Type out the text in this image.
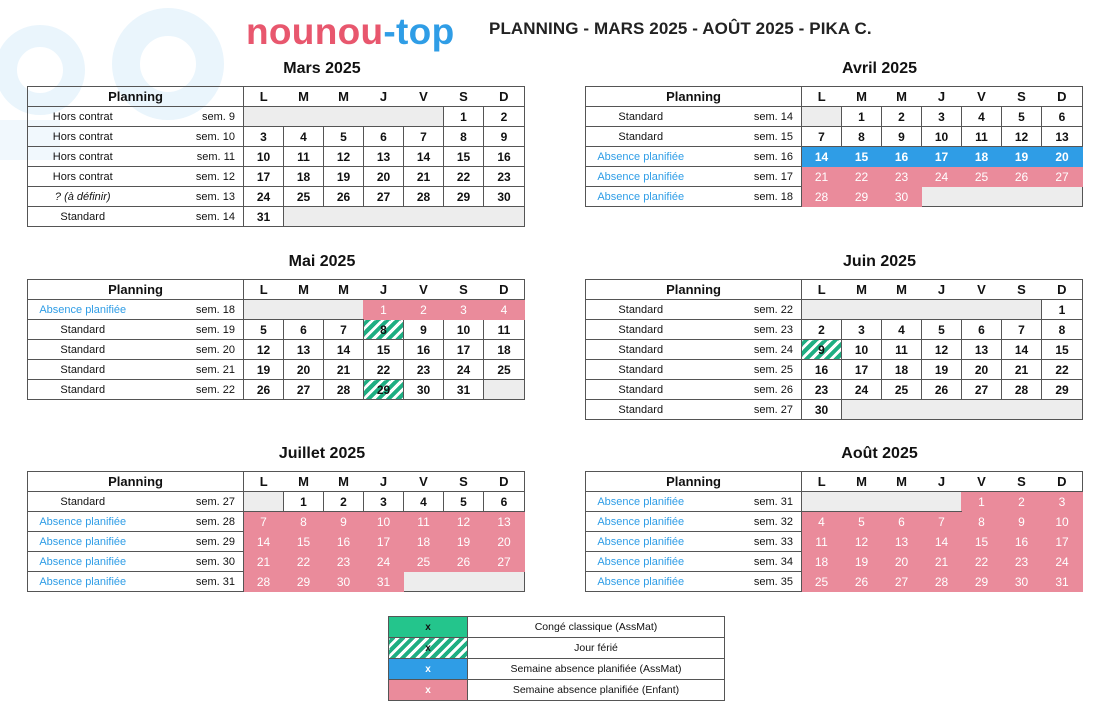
nounou-top PLANNING - MARS 2025 - AOÛT 2025 - PIKA C.
Mars 2025
Planning		L	M	M	J	V	S	D
Hors contrat	sem. 9						1	2
Hors contrat	sem. 10	3	4	5	6	7	8	9
Hors contrat	sem. 11	10	11	12	13	14	15	16
Hors contrat	sem. 12	17	18	19	20	21	22	23
? (à définir)	sem. 13	24	25	26	27	28	29	30
Standard	sem. 14	31						
Avril 2025
Planning		L	M	M	J	V	S	D
Standard	sem. 14		1	2	3	4	5	6
Standard	sem. 15	7	8	9	10	11	12	13
Absence planifiée	sem. 16	14	15	16	17	18	19	20
Absence planifiée	sem. 17	21	22	23	24	25	26	27
Absence planifiée	sem. 18	28	29	30				
Mai 2025
Planning		L	M	M	J	V	S	D
Absence planifiée	sem. 18				1	2	3	4
Standard	sem. 19	5	6	7	8	9	10	11
Standard	sem. 20	12	13	14	15	16	17	18
Standard	sem. 21	19	20	21	22	23	24	25
Standard	sem. 22	26	27	28	29	30	31	
Juin 2025
Planning		L	M	M	J	V	S	D
Standard	sem. 22							1
Standard	sem. 23	2	3	4	5	6	7	8
Standard	sem. 24	9	10	11	12	13	14	15
Standard	sem. 25	16	17	18	19	20	21	22
Standard	sem. 26	23	24	25	26	27	28	29
Standard	sem. 27	30						
Juillet 2025
Planning		L	M	M	J	V	S	D
Standard	sem. 27		1	2	3	4	5	6
Absence planifiée	sem. 28	7	8	9	10	11	12	13
Absence planifiée	sem. 29	14	15	16	17	18	19	20
Absence planifiée	sem. 30	21	22	23	24	25	26	27
Absence planifiée	sem. 31	28	29	30	31			
Août 2025
Planning		L	M	M	J	V	S	D
Absence planifiée	sem. 31					1	2	3
Absence planifiée	sem. 32	4	5	6	7	8	9	10
Absence planifiée	sem. 33	11	12	13	14	15	16	17
Absence planifiée	sem. 34	18	19	20	21	22	23	24
Absence planifiée	sem. 35	25	26	27	28	29	30	31
x	Congé classique (AssMat)
x	Jour férié
x	Semaine absence planifiée (AssMat)
x	Semaine absence planifiée (Enfant)
